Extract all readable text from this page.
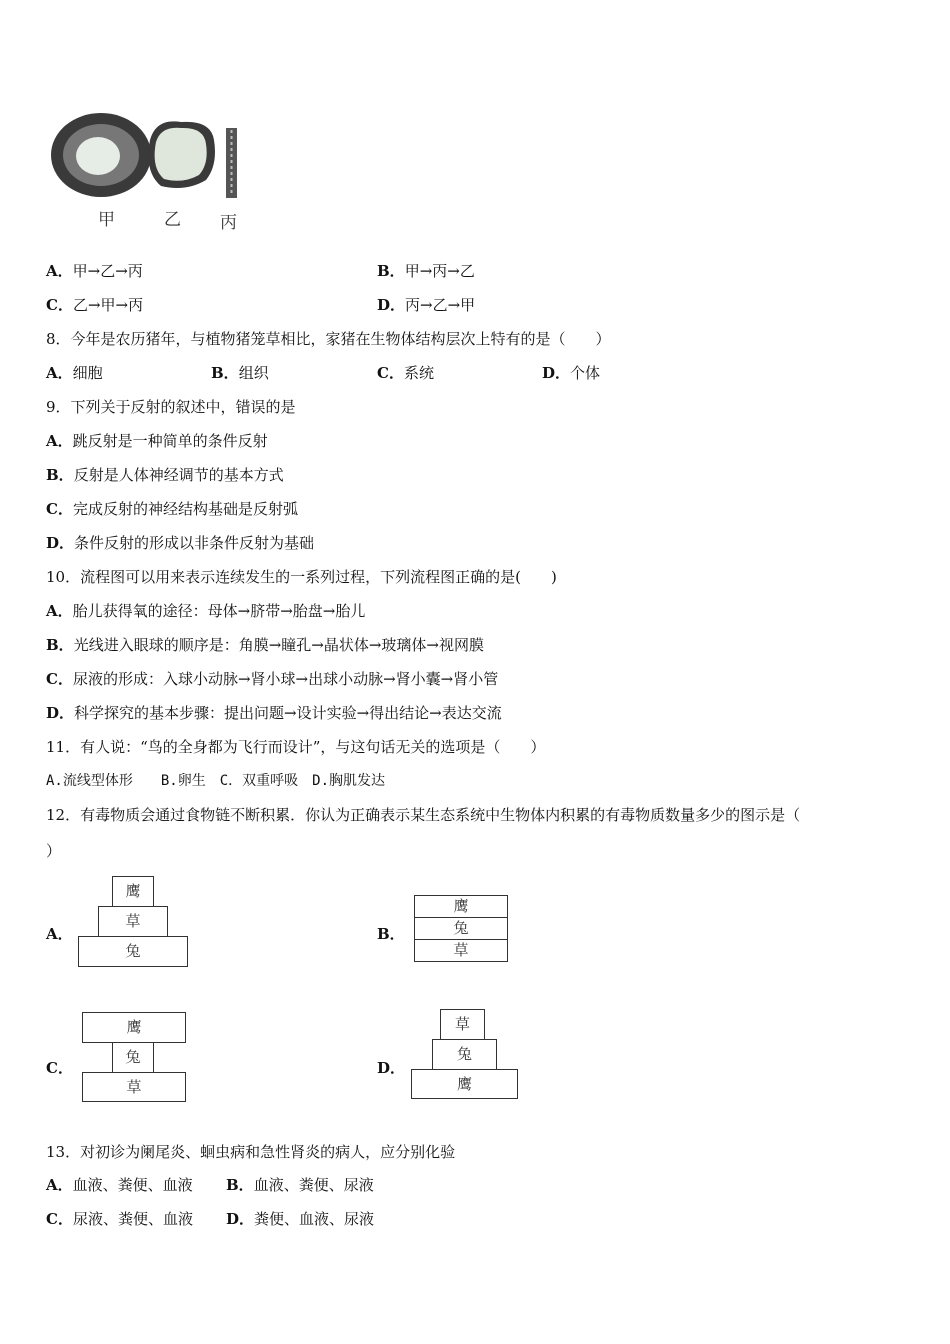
甲	乙 丙
A．甲→乙→丙	B．甲→丙→乙
C．乙→甲→丙	D．丙→乙→甲
8．今年是农历猪年，与植物猪笼草相比，家猪在生物体结构层次上特有的是（　　）
A．细胞	B．组织	C．系统	D．个体
9．下列关于反射的叙述中，错误的是
A．跳反射是一种简单的条件反射
B．反射是人体神经调节的基本方式
C．完成反射的神经结构基础是反射弧
D．条件反射的形成以非条件反射为基础
10．流程图可以用来表示连续发生的一系列过程，下列流程图正确的是(　　)
A．胎儿获得氧的途径：母体→脐带→胎盘→胎儿
B．光线进入眼球的顺序是：角膜→瞳孔→晶状体→玻璃体→视网膜
C．尿液的形成：入球小动脉→肾小球→出球小动脉→肾小囊→肾小管
D．科学探究的基本步骤：提出问题→设计实验→得出结论→表达交流
11．有人说：“鸟的全身都为飞行而设计”，与这句话无关的选项是（　　）
A.流线型体形　　B.卵生　C．双重呼吸　D.胸肌发达
12．有毒物质会通过食物链不断积累．你认为正确表示某生态系统中生物体内积累的有毒物质数量多少的图示是（
）
A．
鹰
草
兔
B．
鹰
兔
草
C．
鹰
兔
草
D．
草
兔
鹰
13．对初诊为阑尾炎、蛔虫病和急性肾炎的病人，应分别化验
A．血液、粪便、血液 B．血液、粪便、尿液
C．尿液、粪便、血液 D．粪便、血液、尿液
